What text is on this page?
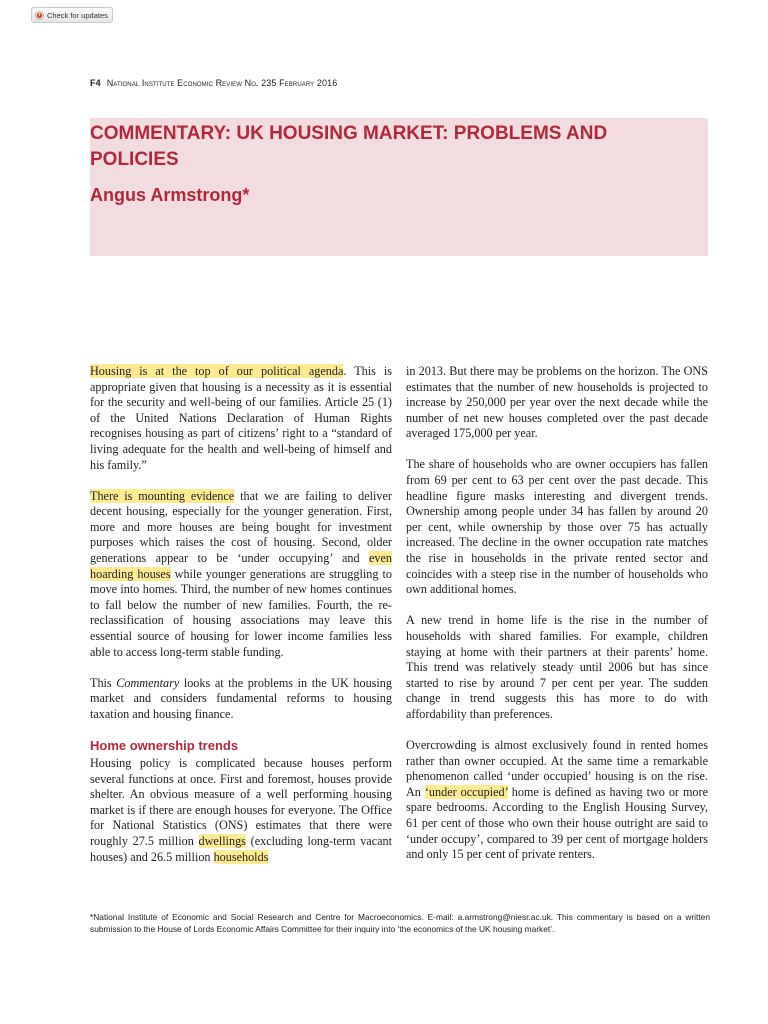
Check for updates
F4 National Institute Economic Review No. 235 February 2016
COMMENTARY: UK HOUSING MARKET: PROBLEMS AND POLICIES
Angus Armstrong*

Housing is at the top of our political agenda. This is appropriate given that housing is a necessity as it is essential for the security and well-being of our families. Article 25 (1) of the United Nations Declaration of Human Rights recognises housing as part of citizens’ right to a “standard of living adequate for the health and well-being of himself and his family.”

There is mounting evidence that we are failing to deliver decent housing, especially for the younger generation. First, more and more houses are being bought for investment purposes which raises the cost of housing. Second, older generations appear to be ‘under occupying’ and even hoarding houses while younger generations are struggling to move into homes. Third, the number of new homes continues to fall below the number of new families. Fourth, the re-reclassification of housing associations may leave this essential source of housing for lower income families less able to access long-term stable funding.

This Commentary looks at the problems in the UK housing market and considers fundamental reforms to housing taxation and housing finance.

Home ownership trends

Housing policy is complicated because houses perform several functions at once. First and foremost, houses provide shelter. An obvious measure of a well performing housing market is if there are enough houses for everyone. The Office for National Statistics (ONS) estimates that there were roughly 27.5 million dwellings (excluding long-term vacant houses) and 26.5 million households

in 2013. But there may be problems on the horizon. The ONS estimates that the number of new households is projected to increase by 250,000 per year over the next decade while the number of net new houses completed over the past decade averaged 175,000 per year.

The share of households who are owner occupiers has fallen from 69 per cent to 63 per cent over the past decade. This headline figure masks interesting and divergent trends. Ownership among people under 34 has fallen by around 20 per cent, while ownership by those over 75 has actually increased. The decline in the owner occupation rate matches the rise in households in the private rented sector and coincides with a steep rise in the number of households who own additional homes.

A new trend in home life is the rise in the number of households with shared families. For example, children staying at home with their partners at their parents’ home. This trend was relatively steady until 2006 but has since started to rise by around 7 per cent per year. The sudden change in trend suggests this has more to do with affordability than preferences.

Overcrowding is almost exclusively found in rented homes rather than owner occupied. At the same time a remarkable phenomenon called ‘under occupied’ housing is on the rise. An ‘under occupied’ home is defined as having two or more spare bedrooms. According to the English Housing Survey, 61 per cent of those who own their house outright are said to ‘under occupy’, compared to 39 per cent of mortgage holders and only 15 per cent of private renters.

*National Institute of Economic and Social Research and Centre for Macroeconomics. E-mail: a.armstrong@niesr.ac.uk. This commentary is based on a written submission to the House of Lords Economic Affairs Committee for their inquiry into ‘the economics of the UK housing market’.
